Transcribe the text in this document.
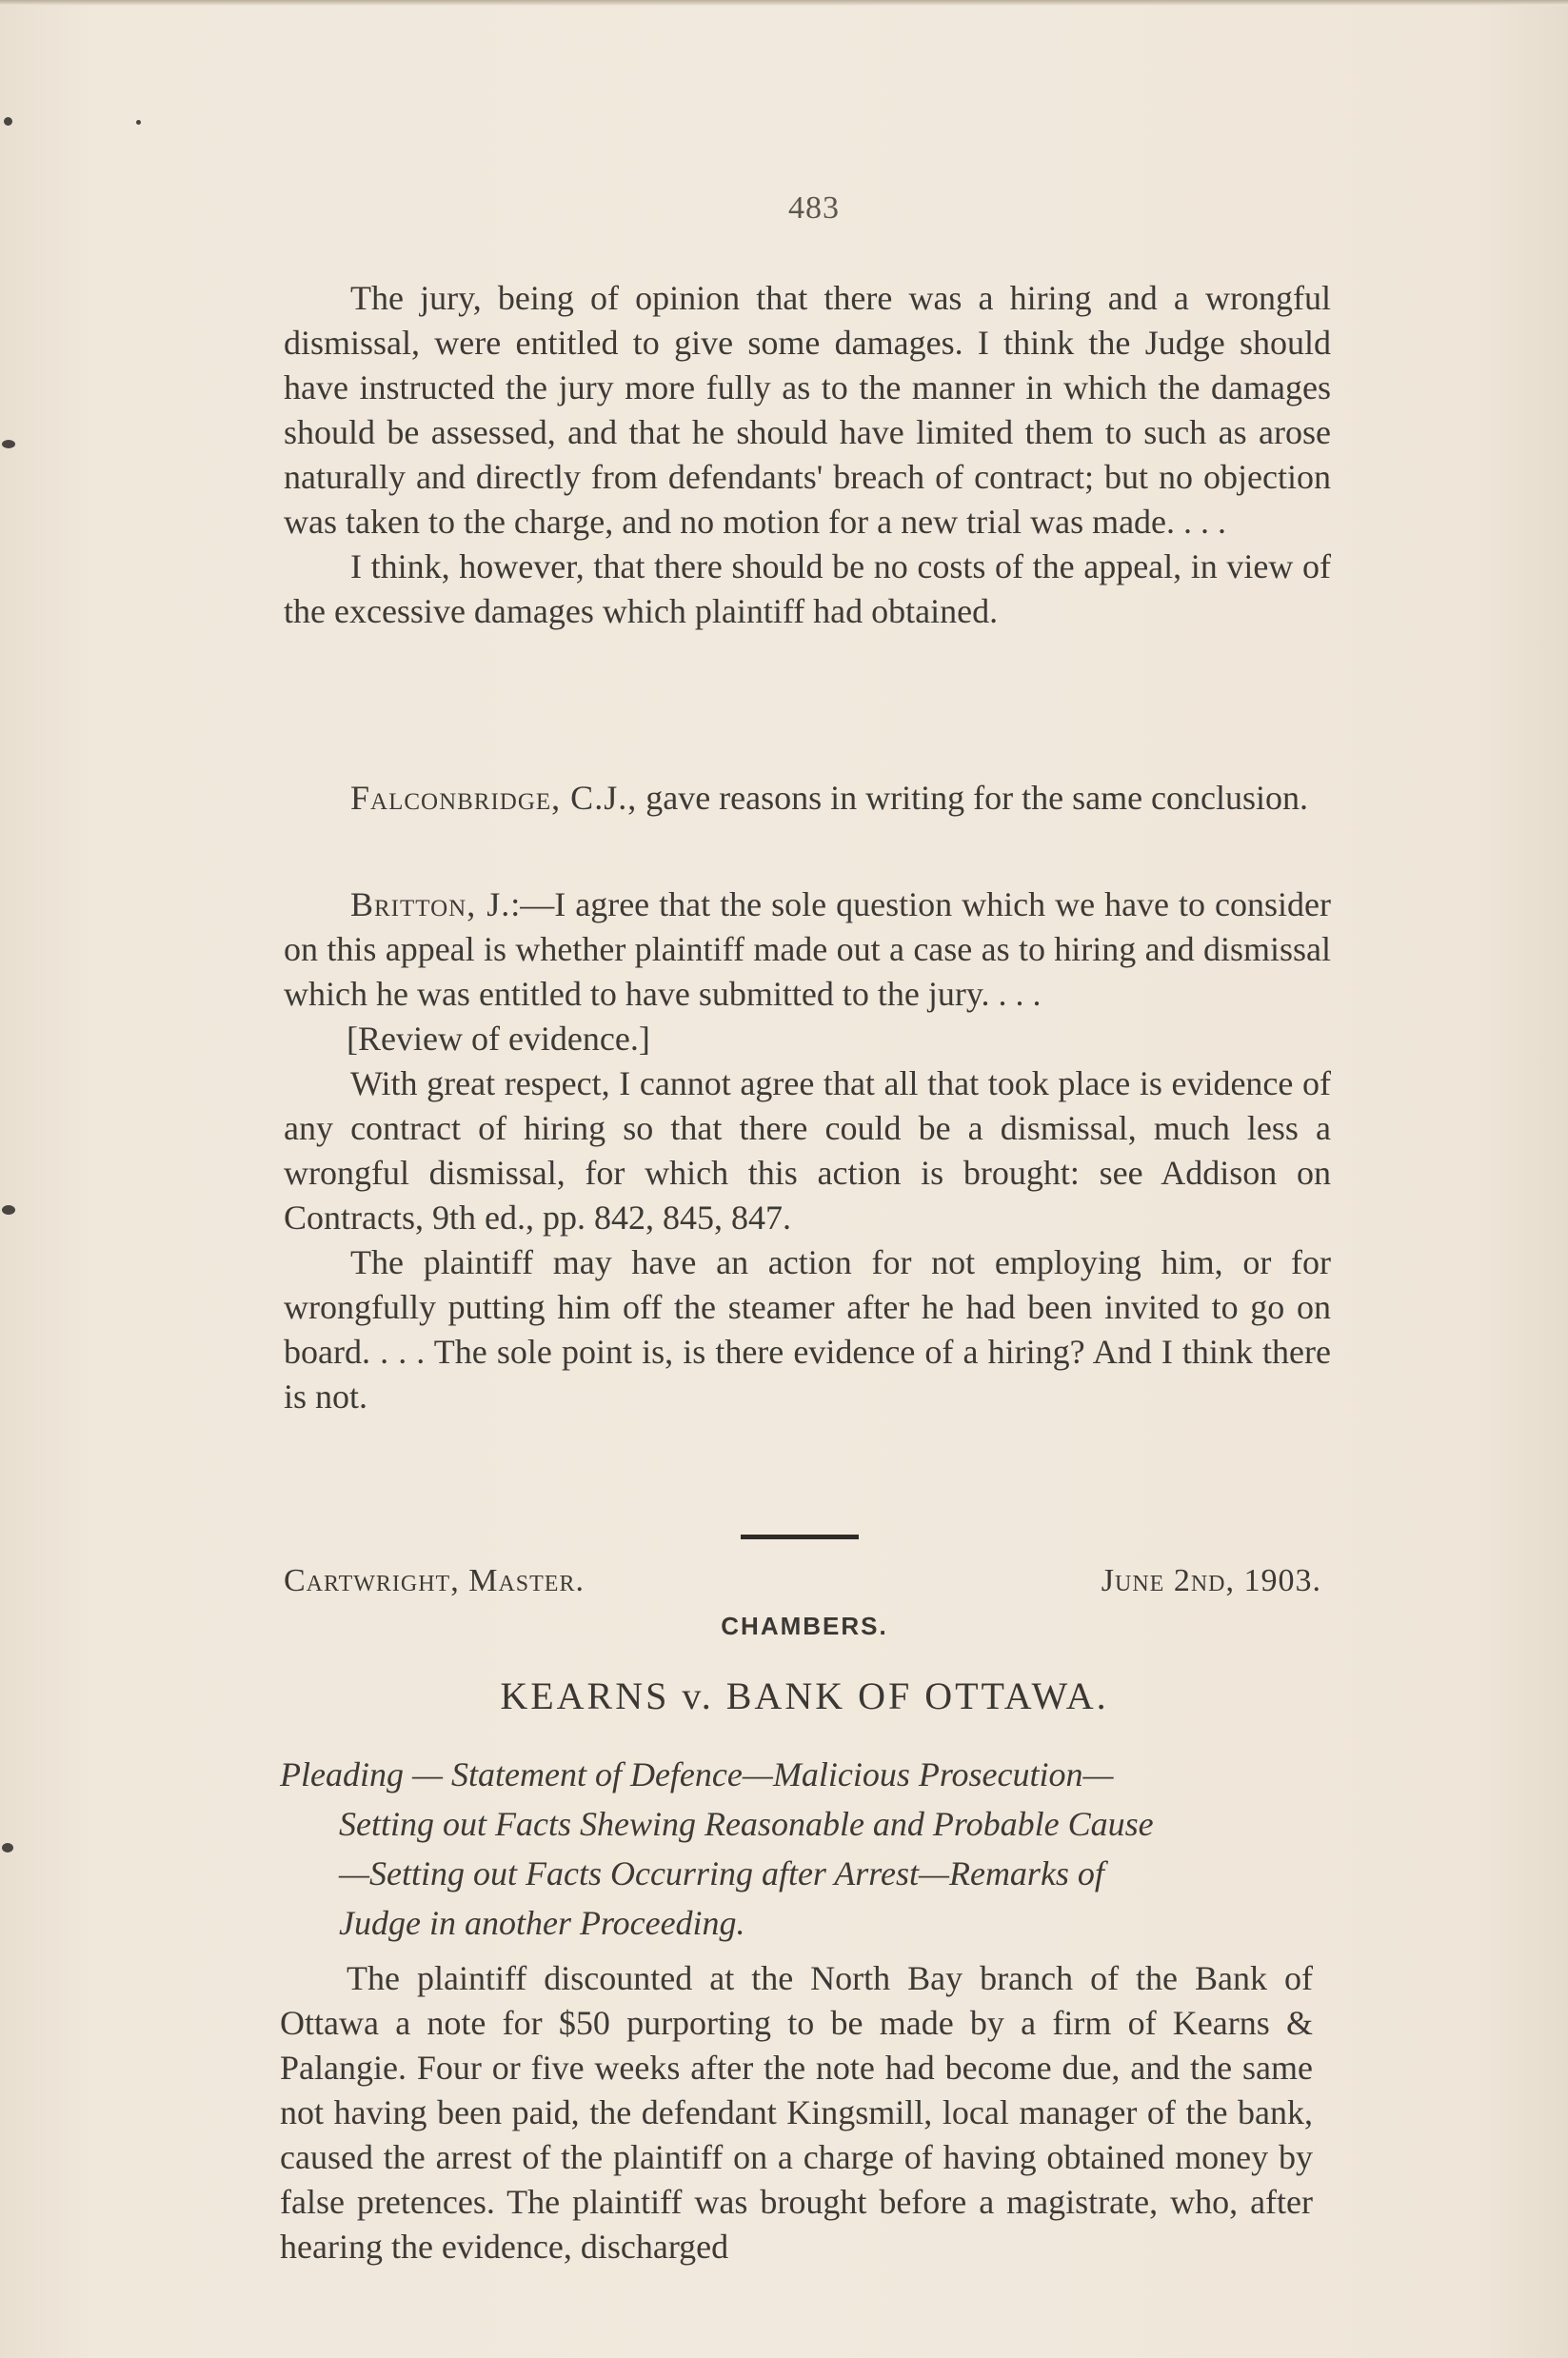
483

The jury, being of opinion that there was a hiring and a wrongful dismissal, were entitled to give some damages. I think the Judge should have instructed the jury more fully as to the manner in which the damages should be assessed, and that he should have limited them to such as arose naturally and directly from defendants' breach of contract; but no objection was taken to the charge, and no motion for a new trial was made. . . .

I think, however, that there should be no costs of the appeal, in view of the excessive damages which plaintiff had obtained.

Falconbridge, C.J., gave reasons in writing for the same conclusion.

Britton, J.:—I agree that the sole question which we have to consider on this appeal is whether plaintiff made out a case as to hiring and dismissal which he was entitled to have submitted to the jury. . . .

[Review of evidence.]

With great respect, I cannot agree that all that took place is evidence of any contract of hiring so that there could be a dismissal, much less a wrongful dismissal, for which this action is brought: see Addison on Contracts, 9th ed., pp. 842, 845, 847.

The plaintiff may have an action for not employing him, or for wrongfully putting him off the steamer after he had been invited to go on board. . . . The sole point is, is there evidence of a hiring? And I think there is not.

Cartwright, Master.	June 2nd, 1903.
CHAMBERS.
KEARNS v. BANK OF OTTAWA.
Pleading — Statement of Defence—Malicious Prosecution—
Setting out Facts Shewing Reasonable and Probable Cause
—Setting out Facts Occurring after Arrest—Remarks of
Judge in another Proceeding.

The plaintiff discounted at the North Bay branch of the Bank of Ottawa a note for $50 purporting to be made by a firm of Kearns & Palangie. Four or five weeks after the note had become due, and the same not having been paid, the defendant Kingsmill, local manager of the bank, caused the arrest of the plaintiff on a charge of having obtained money by false pretences. The plaintiff was brought before a magistrate, who, after hearing the evidence, discharged
